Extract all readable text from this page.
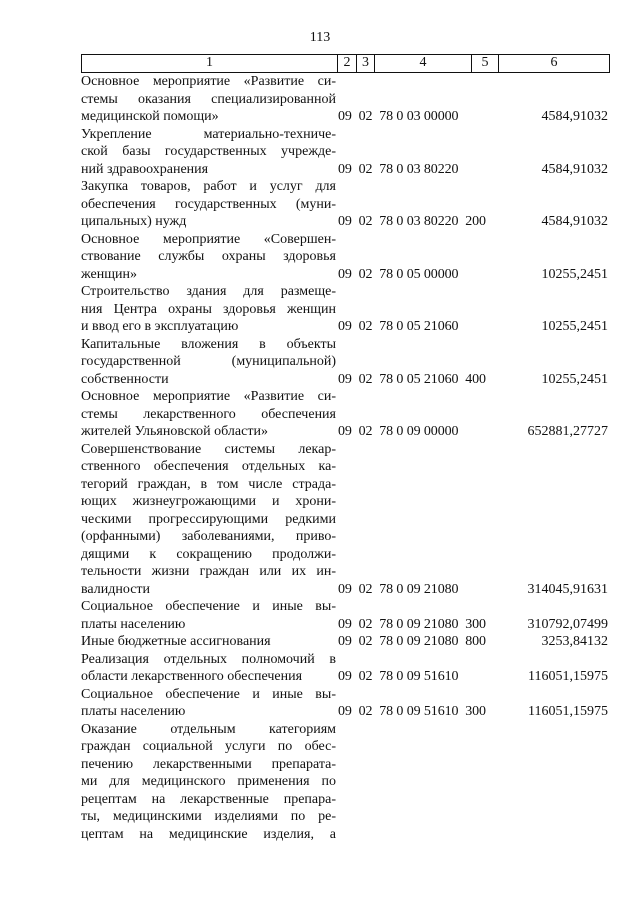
113
1	2 3	4	5	6
Основное мероприятие «Развитие си-
стемы оказания специализированной
медицинской помощи»	09  02  78 0 03 00000	4584,91032
Укрепление материально-техниче-
ской базы государственных учрежде-
ний здравоохранения	09  02  78 0 03 80220	4584,91032
Закупка товаров, работ и услуг для
обеспечения государственных (муни-
ципальных) нужд	09  02  78 0 03 80220  200	4584,91032
Основное мероприятие «Совершен-
ствование службы охраны здоровья
женщин»	09  02  78 0 05 00000	10255,2451
Строительство здания для размеще-
ния Центра охраны здоровья женщин
и ввод его в эксплуатацию	09  02  78 0 05 21060	10255,2451
Капитальные вложения в объекты
государственной (муниципальной)
собственности	09  02  78 0 05 21060  400	10255,2451
Основное мероприятие «Развитие си-
стемы лекарственного обеспечения
жителей Ульяновской области»	09  02  78 0 09 00000	652881,27727
Совершенствование системы лекар-
ственного обеспечения отдельных ка-
тегорий граждан, в том числе страда-
ющих жизнеугрожающими и хрони-
ческими прогрессирующими редкими
(орфанными) заболеваниями, приво-
дящими к сокращению продолжи-
тельности жизни граждан или их ин-
валидности	09  02  78 0 09 21080	314045,91631
Социальное обеспечение и иные вы-
платы населению	09  02  78 0 09 21080  300	310792,07499
Иные бюджетные ассигнования	09  02  78 0 09 21080  800	3253,84132
Реализация отдельных полномочий в
области лекарственного обеспечения	09  02  78 0 09 51610	116051,15975
Социальное обеспечение и иные вы-
платы населению	09  02  78 0 09 51610  300	116051,15975
Оказание отдельным категориям
граждан социальной услуги по обес-
печению лекарственными препарата-
ми для медицинского применения по
рецептам на лекарственные препара-
ты, медицинскими изделиями по ре-
цептам на медицинские изделия, а
